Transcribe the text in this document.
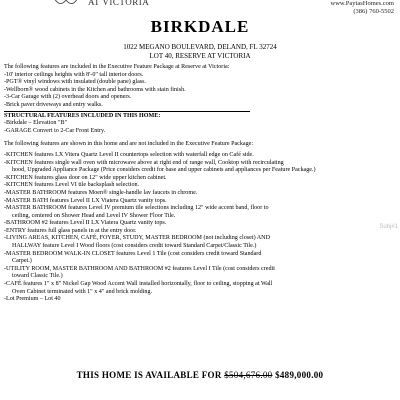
AT VICTORIA	www.PaytasHomes.com
(386) 760-5502
BIRKDALE
1022 MEGANO BOULEVARD, DELAND, FL 32724
LOT 40, RESERVE AT VICTORIA

The following features are included in the Executive Feature Package at Reserve at Victoria:

-10' interior ceilings heights with 8'-0" tall interior doors.

-PGT® vinyl windows with insulated (double pane) glass.

-Wellborn® wood cabinets in the Kitchen and bathrooms with stain finish.

-3-Car Garage with (2) overhead doors and openers.

-Brick paver driveways and entry walks.

STRUCTURAL FEATURES INCLUDED IN THIS HOME:

-Birkdale – Elevation "B"

-GARAGE Convert to 2-Car Front Entry.

The following features are shown in this home and are not included in the Executive Feature Package:

-KITCHEN features LX Vitera Quartz Level II countertops selection with waterfall edge on Café side.

-KITCHEN features single wall oven with microwave above at right end of range wall, Cooktop with recirculating

hood, Upgraded Appliance Package (Price considers credit for base and upper cabinets and appliances per Feature Package.)

-KITCHEN features glass door on 12" wide upper kitchen cabinet.

-KITCHEN features Level VI tile backsplash selection.

-MASTER BATHROOM features Moen® single-handle lav faucets in chrome.

-MASTER BATH features Level II LX Viatera Quartz vanity tops.

-MASTER BATHROOM features Level IV premium tile selections including 12" wide accent band, floor to

ceiling, centered on Shower Head and Level IV Shower Floor Tile.

-BATHROOM #2 features Level II LX Viatera Quartz vanity tops.

-ENTRY features full glass panels in at the entry door.

-LIVING AREAS, KITCHEN, CAFÉ, FOYER, STUDY, MASTER BEDROOM (not including closet) AND

HALLWAY feature Level I Wood floors (cost considers credit toward Standard Carpet/Classic Tile.)

-MASTER BEDROOM WALK-IN CLOSET features Level 1 Tile (cost considers credit toward Standard

Carpet.)

-UTILITY ROOM, MASTER BATHROOM AND BATHROOM #2 features Level I Tile (cost considers credit

toward Classic Tile.)

-CAFÉ features 1" x 8" Nickel Gap Wood Accent Wall installed horizontally, floor to ceiling, stopping at Wall

Oven Cabinet terminated with 1" x 4" and brick molding.

-Lot Premium – Lot 40

Subj#1
THIS HOME IS AVAILABLE FOR $504,676.00 $489,000.00
